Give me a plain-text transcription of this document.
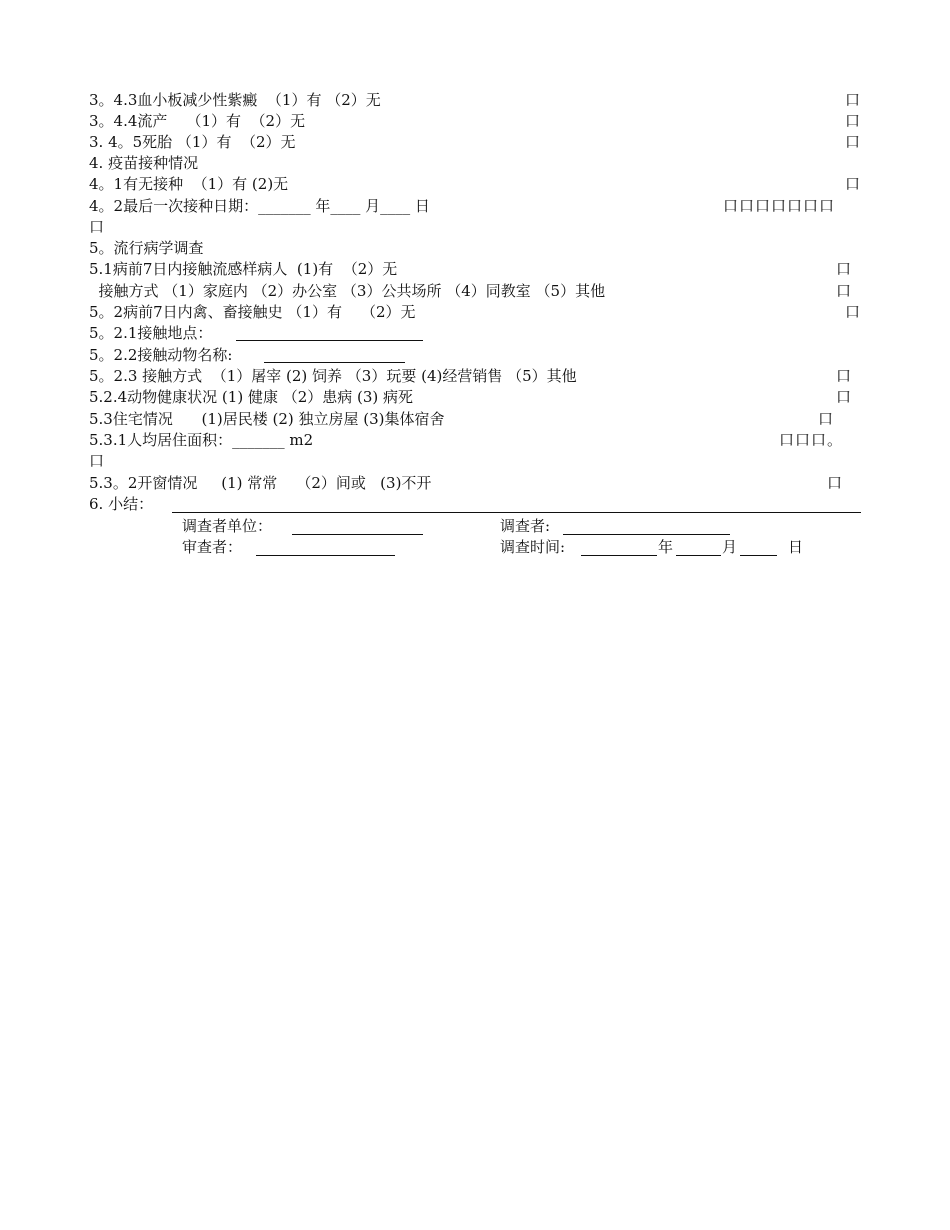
3。4.3血小板减少性紫癜  （1）有 （2）无	口
3。4.4流产    （1）有  （2）无	口
3. 4。5死胎 （1）有  （2）无	口
4. 疫苗接种情况
4。1有无接种  （1）有 (2)无	口
4。2最后一次接种日期：_______ 年____ 月____ 日	口口口口口口口
口
5。流行病学调查
5.1病前7日内接触流感样病人  (1)有  （2）无	口
接触方式 （1）家庭内 （2）办公室 （3）公共场所 （4）同教室 （5）其他	口
5。2病前7日内禽、畜接触史 （1）有    （2）无	口
5。2.1接触地点：
5。2.2接触动物名称:
5。2.3 接触方式  （1）屠宰 (2) 饲养 （3）玩要 (4)经营销售 （5）其他	口
5.2.4动物健康状况 (1) 健康 （2）患病 (3) 病死	口
5.3住宅情况      (1)居民楼 (2) 独立房屋 (3)集体宿舍	口
5.3.1人均居住面积：_______ m2	口口口。
口
5.3。2开窗情况     (1) 常常    （2）间或   (3)不开	口
6. 小结：
调查者单位：	调查者:
审查者：	调查时间:	年	月	日
